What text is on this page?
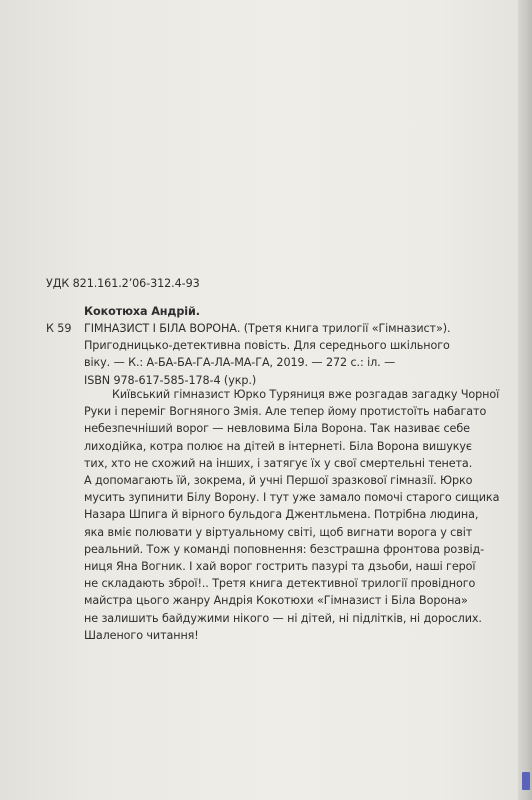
УДК 821.161.2’06-312.4-93
Кокотюха Андрій.
К 59 ГІМНАЗИСТ І БІЛА ВОРОНА. (Третя книга трилогії «Гімназист»).
Пригодницько-детективна повість. Для середнього шкільного
віку. — К.: А-БА-БА-ГА-ЛА-МА-ГА, 2019. — 272 с.: іл. —
ISBN 978-617-585-178-4 (укр.)
Київський гімназист Юрко Туряниця вже розгадав загадку Чорної
Руки і переміг Вогняного Змія. Але тепер йому протистоїть набагато
небезпечніший ворог — невловима Біла Ворона. Так називає себе
лиходійка, котра полює на дітей в інтернеті. Біла Ворона вишукує
тих, хто не схожий на інших, і затягує їх у свої смертельні тенета.
А допомагають їй, зокрема, й учні Першої зразкової гімназії. Юрко
мусить зупинити Білу Ворону. І тут уже замало помочі старого сищика
Назара Шпига й вірного бульдога Джентльмена. Потрібна людина,
яка вміє полювати у віртуальному світі, щоб вигнати ворога у світ
реальний. Тож у команді поповнення: безстрашна фронтова розвід-
ниця Яна Вогник. І хай ворог гострить пазурі та дзьоби, наші герої
не складають зброї!.. Третя книга детективної трилогії провідного
майстра цього жанру Андрія Кокотюхи «Гімназист і Біла Ворона»
не залишить байдужими нікого — ні дітей, ні підлітків, ні дорослих.
Шаленого читання!
